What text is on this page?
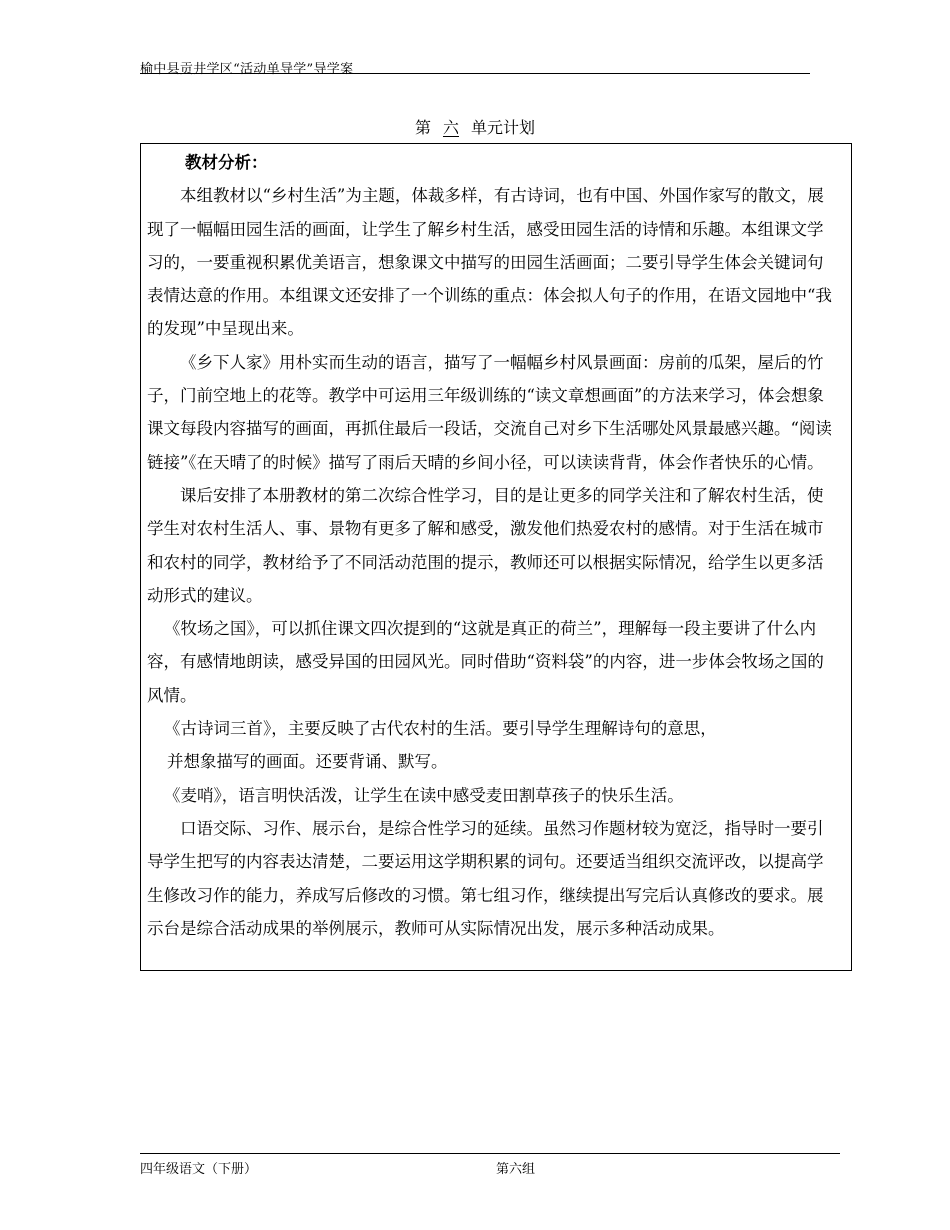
榆中县贡井学区“活动单导学”导学案
第 六 单元计划

教材分析：

本组教材以“乡村生活”为主题，体裁多样，有古诗词，也有中国、外国作家写的散文，展现了一幅幅田园生活的画面，让学生了解乡村生活，感受田园生活的诗情和乐趣。本组课文学习的，一要重视积累优美语言，想象课文中描写的田园生活画面；二要引导学生体会关键词句表情达意的作用。本组课文还安排了一个训练的重点：体会拟人句子的作用，在语文园地中“我的发现”中呈现出来。

《乡下人家》用朴实而生动的语言，描写了一幅幅乡村风景画面：房前的瓜架，屋后的竹子，门前空地上的花等。教学中可运用三年级训练的“读文章想画面”的方法来学习，体会想象课文每段内容描写的画面，再抓住最后一段话，交流自己对乡下生活哪处风景最感兴趣。“阅读链接”《在天晴了的时候》描写了雨后天晴的乡间小径，可以读读背背，体会作者快乐的心情。

课后安排了本册教材的第二次综合性学习，目的是让更多的同学关注和了解农村生活，使学生对农村生活人、事、景物有更多了解和感受，激发他们热爱农村的感情。对于生活在城市和农村的同学，教材给予了不同活动范围的提示，教师还可以根据实际情况，给学生以更多活动形式的建议。

《牧场之国》，可以抓住课文四次提到的“这就是真正的荷兰”，理解每一段主要讲了什么内容，有感情地朗读，感受异国的田园风光。同时借助“资料袋”的内容，进一步体会牧场之国的风情。

《古诗词三首》，主要反映了古代农村的生活。要引导学生理解诗句的意思，

并想象描写的画面。还要背诵、默写。

《麦哨》，语言明快活泼，让学生在读中感受麦田割草孩子的快乐生活。

口语交际、习作、展示台，是综合性学习的延续。虽然习作题材较为宽泛，指导时一要引导学生把写的内容表达清楚，二要运用这学期积累的词句。还要适当组织交流评改，以提高学生修改习作的能力，养成写后修改的习惯。第七组习作，继续提出写完后认真修改的要求。展示台是综合活动成果的举例展示，教师可从实际情况出发，展示多种活动成果。

四年级语文（下册）	第六组
